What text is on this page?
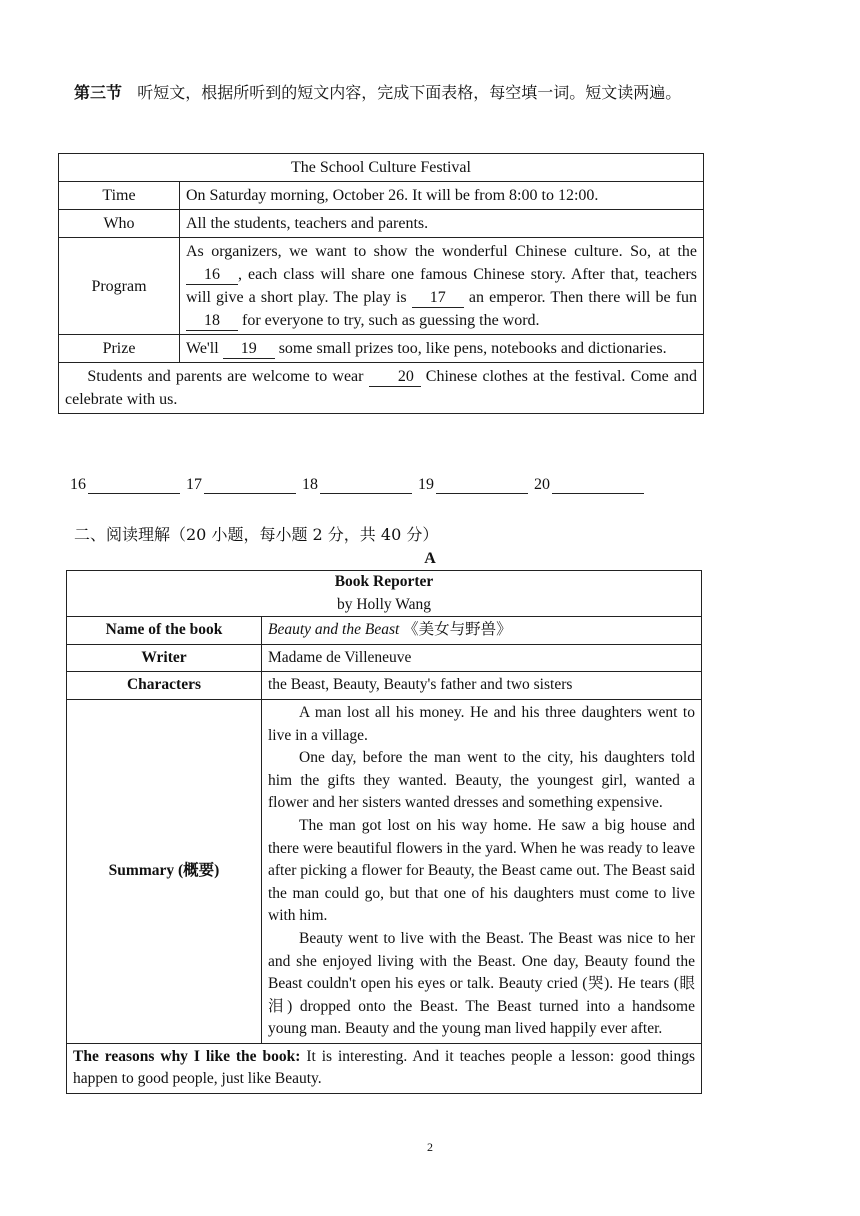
第三节 听短文，根据所听到的短文内容，完成下面表格，每空填一词。短文读两遍。
The School Culture Festival	
Time	On Saturday morning, October 26. It will be from 8:00 to 12:00.
Who	All the students, teachers and parents.
Program	As organizers, we want to show the wonderful Chinese culture. So, at the 16 , each class will share one famous Chinese story. After that, teachers will give a short play. The play is 17 an emperor. Then there will be fun 18 for everyone to try, such as guessing the word.
Prize	We'll 19 some small prizes too, like pens, notebooks and dictionaries.
Students and parents are welcome to wear 20 Chinese clothes at the festival. Come and celebrate with us.	
16	17	18	19	20
二、阅读理解（20 小题，每小题 2 分，共 40 分）
A
Book Reporter
by Holly Wang	

Name of the book	Beauty and the Beast 《美女与野兽》
Writer	Madame de Villeneuve
Characters	the Beast, Beauty, Beauty's father and two sisters
Summary (概要)	A man lost all his money. He and his three daughters went to live in a village.

One day, before the man went to the city, his daughters told him the gifts they wanted. Beauty, the youngest girl, wanted a flower and her sisters wanted dresses and something expensive.

The man got lost on his way home. He saw a big house and there were beautiful flowers in the yard. When he was ready to leave after picking a flower for Beauty, the Beast came out. The Beast said the man could go, but that one of his daughters must come to live with him.

Beauty went to live with the Beast. The Beast was nice to her and she enjoyed living with the Beast. One day, Beauty found the Beast couldn't open his eyes or talk. Beauty cried (哭). He tears (眼泪) dropped onto the Beast. The Beast turned into a handsome young man. Beauty and the young man lived happily ever after.

The reasons why I like the book: It is interesting. And it teaches people a lesson: good things happen to good people, just like Beauty.	
2
